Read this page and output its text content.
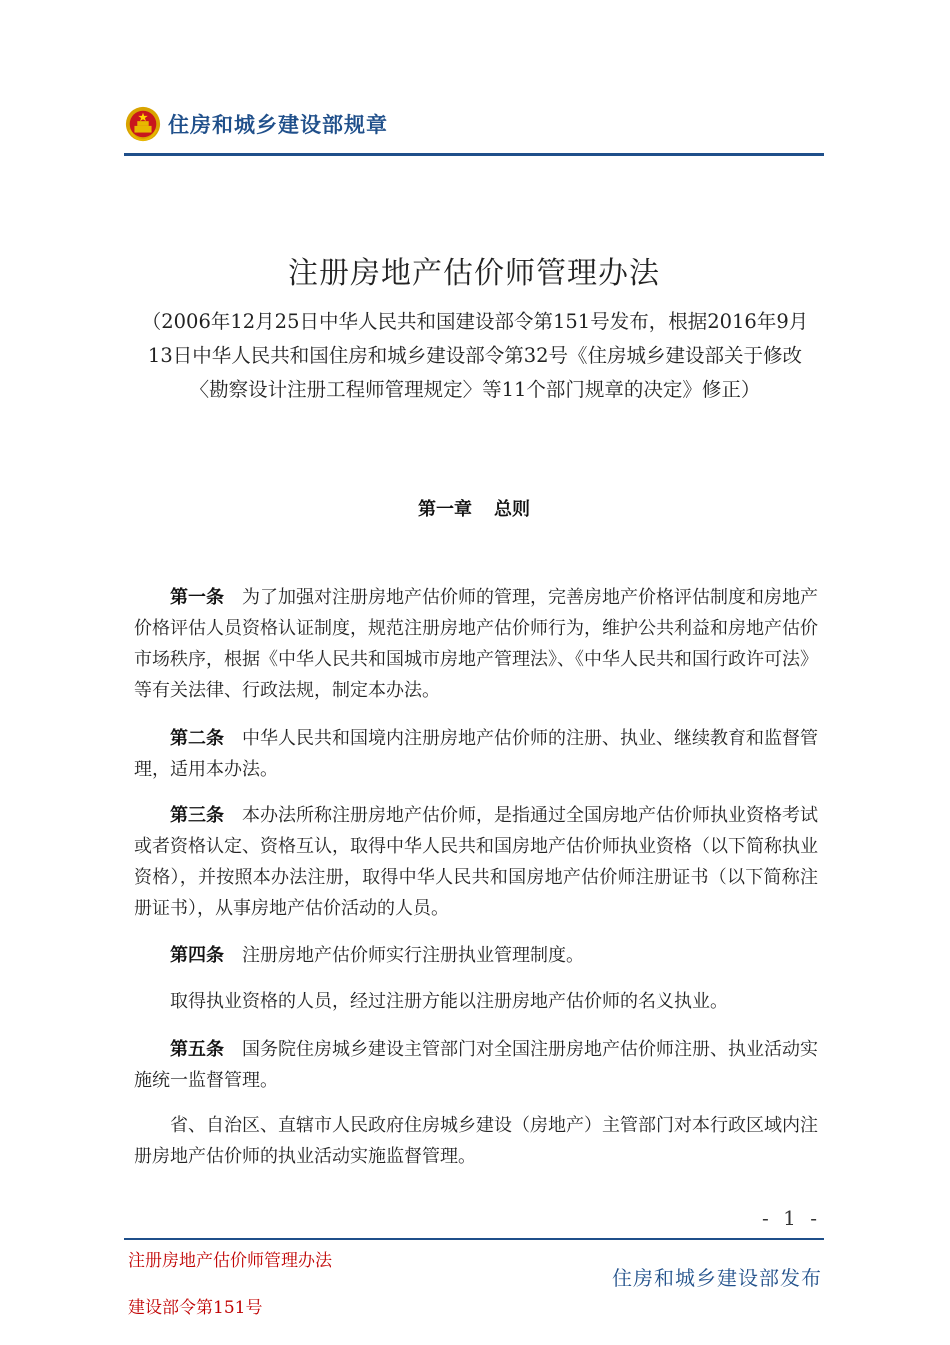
住房和城乡建设部规章
注册房地产估价师管理办法
（2006年12月25日中华人民共和国建设部令第151号发布，根据2016年9月13日中华人民共和国住房和城乡建设部令第32号《住房城乡建设部关于修改〈勘察设计注册工程师管理规定〉等11个部门规章的决定》修正）
第一章 总则
第一条 为了加强对注册房地产估价师的管理，完善房地产价格评估制度和房地产价格评估人员资格认证制度，规范注册房地产估价师行为，维护公共利益和房地产估价市场秩序，根据《中华人民共和国城市房地产管理法》、《中华人民共和国行政许可法》等有关法律、行政法规，制定本办法。
第二条 中华人民共和国境内注册房地产估价师的注册、执业、继续教育和监督管理，适用本办法。
第三条 本办法所称注册房地产估价师，是指通过全国房地产估价师执业资格考试或者资格认定、资格互认，取得中华人民共和国房地产估价师执业资格（以下简称执业资格），并按照本办法注册，取得中华人民共和国房地产估价师注册证书（以下简称注册证书），从事房地产估价活动的人员。
第四条 注册房地产估价师实行注册执业管理制度。
取得执业资格的人员，经过注册方能以注册房地产估价师的名义执业。
第五条 国务院住房城乡建设主管部门对全国注册房地产估价师注册、执业活动实施统一监督管理。
省、自治区、直辖市人民政府住房城乡建设（房地产）主管部门对本行政区域内注册房地产估价师的执业活动实施监督管理。
- 1 -
注册房地产估价师管理办法
建设部令第151号
住房和城乡建设部发布
